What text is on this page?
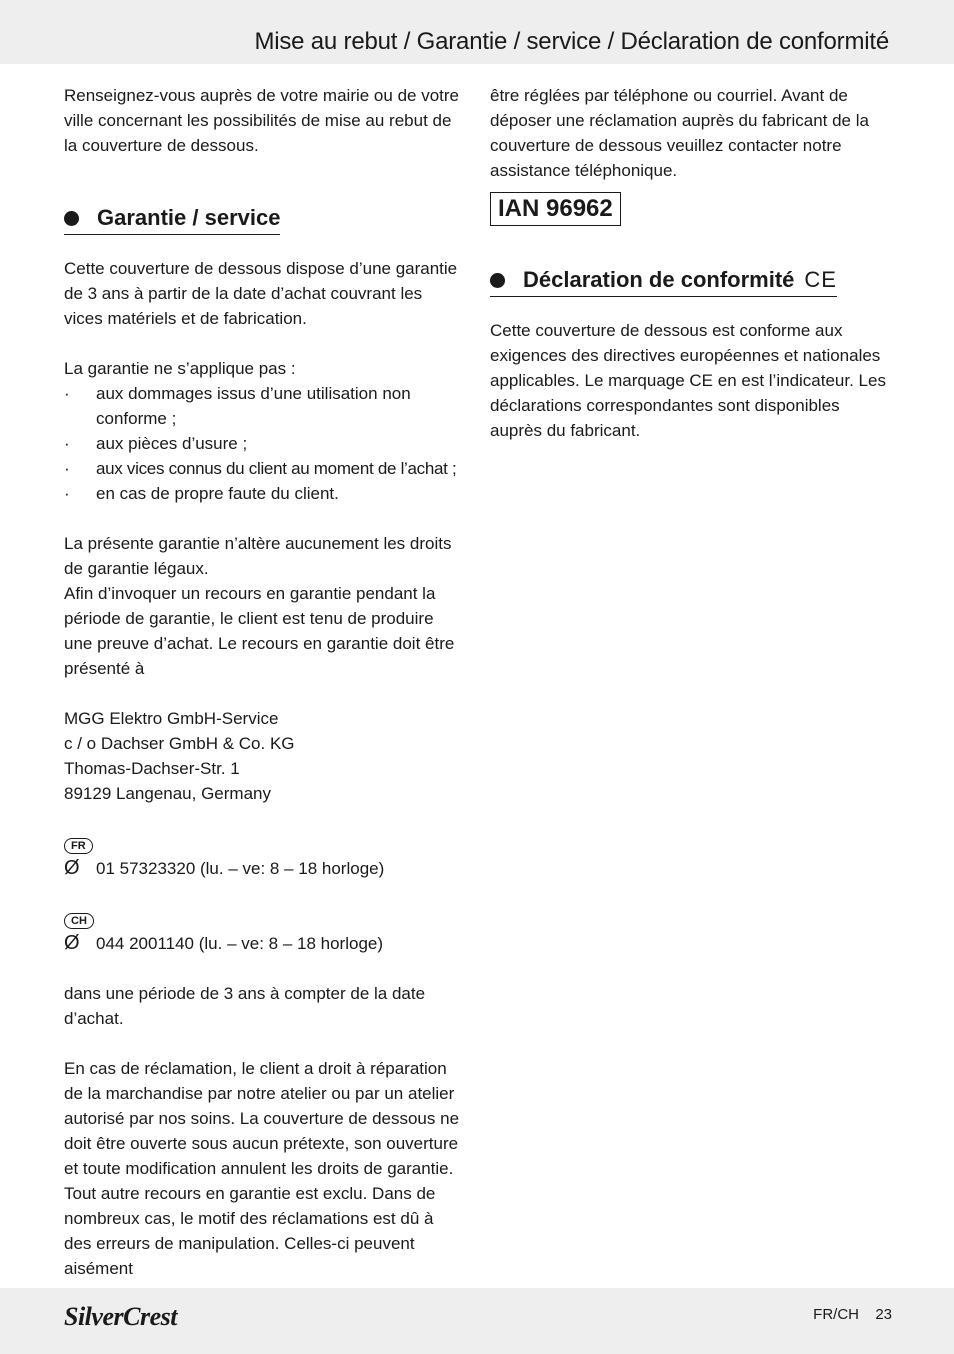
Mise au rebut / Garantie / service / Déclaration de conformité

Renseignez-vous auprès de votre mairie ou de votre ville concernant les possibilités de mise au rebut de la couverture de dessous.

Garantie / service

Cette couverture de dessous dispose d’une garantie de 3 ans à partir de la date d’achat couvrant les vices matériels et de fabrication.

La garantie ne s’applique pas :

· aux dommages issus d’une utilisation non conforme ;
· aux pièces d’usure ;
· aux vices connus du client au moment de l’achat ;
· en cas de propre faute du client.

La présente garantie n’altère aucunement les droits de garantie légaux.

Afin d’invoquer un recours en garantie pendant la période de garantie, le client est tenu de produire une preuve d’achat. Le recours en garantie doit être présenté à

MGG Elektro GmbH-Service

c / o Dachser GmbH & Co. KG

Thomas-Dachser-Str. 1

89129 Langenau, Germany

FR
Ø 01 57323320 (lu. – ve: 8 – 18 horloge)
CH
Ø 044 2001140 (lu. – ve: 8 – 18 horloge)

dans une période de 3 ans à compter de la date d’achat.

En cas de réclamation, le client a droit à réparation de la marchandise par notre atelier ou par un atelier autorisé par nos soins. La couverture de dessous ne doit être ouverte sous aucun prétexte, son ouverture et toute modification annulent les droits de garantie. Tout autre recours en garantie est exclu. Dans de nombreux cas, le motif des réclamations est dû à des erreurs de manipulation. Celles-ci peuvent aisément

être réglées par téléphone ou courriel. Avant de déposer une réclamation auprès du fabricant de la couverture de dessous veuillez contacter notre assistance téléphonique.

IAN 96962
Déclaration de conformité CE

Cette couverture de dessous est conforme aux exigences des directives européennes et nationales applicables. Le marquage CE en est l’indicateur. Les déclarations correspondantes sont disponibles auprès du fabricant.

SilverCrest	FR/CH 23
